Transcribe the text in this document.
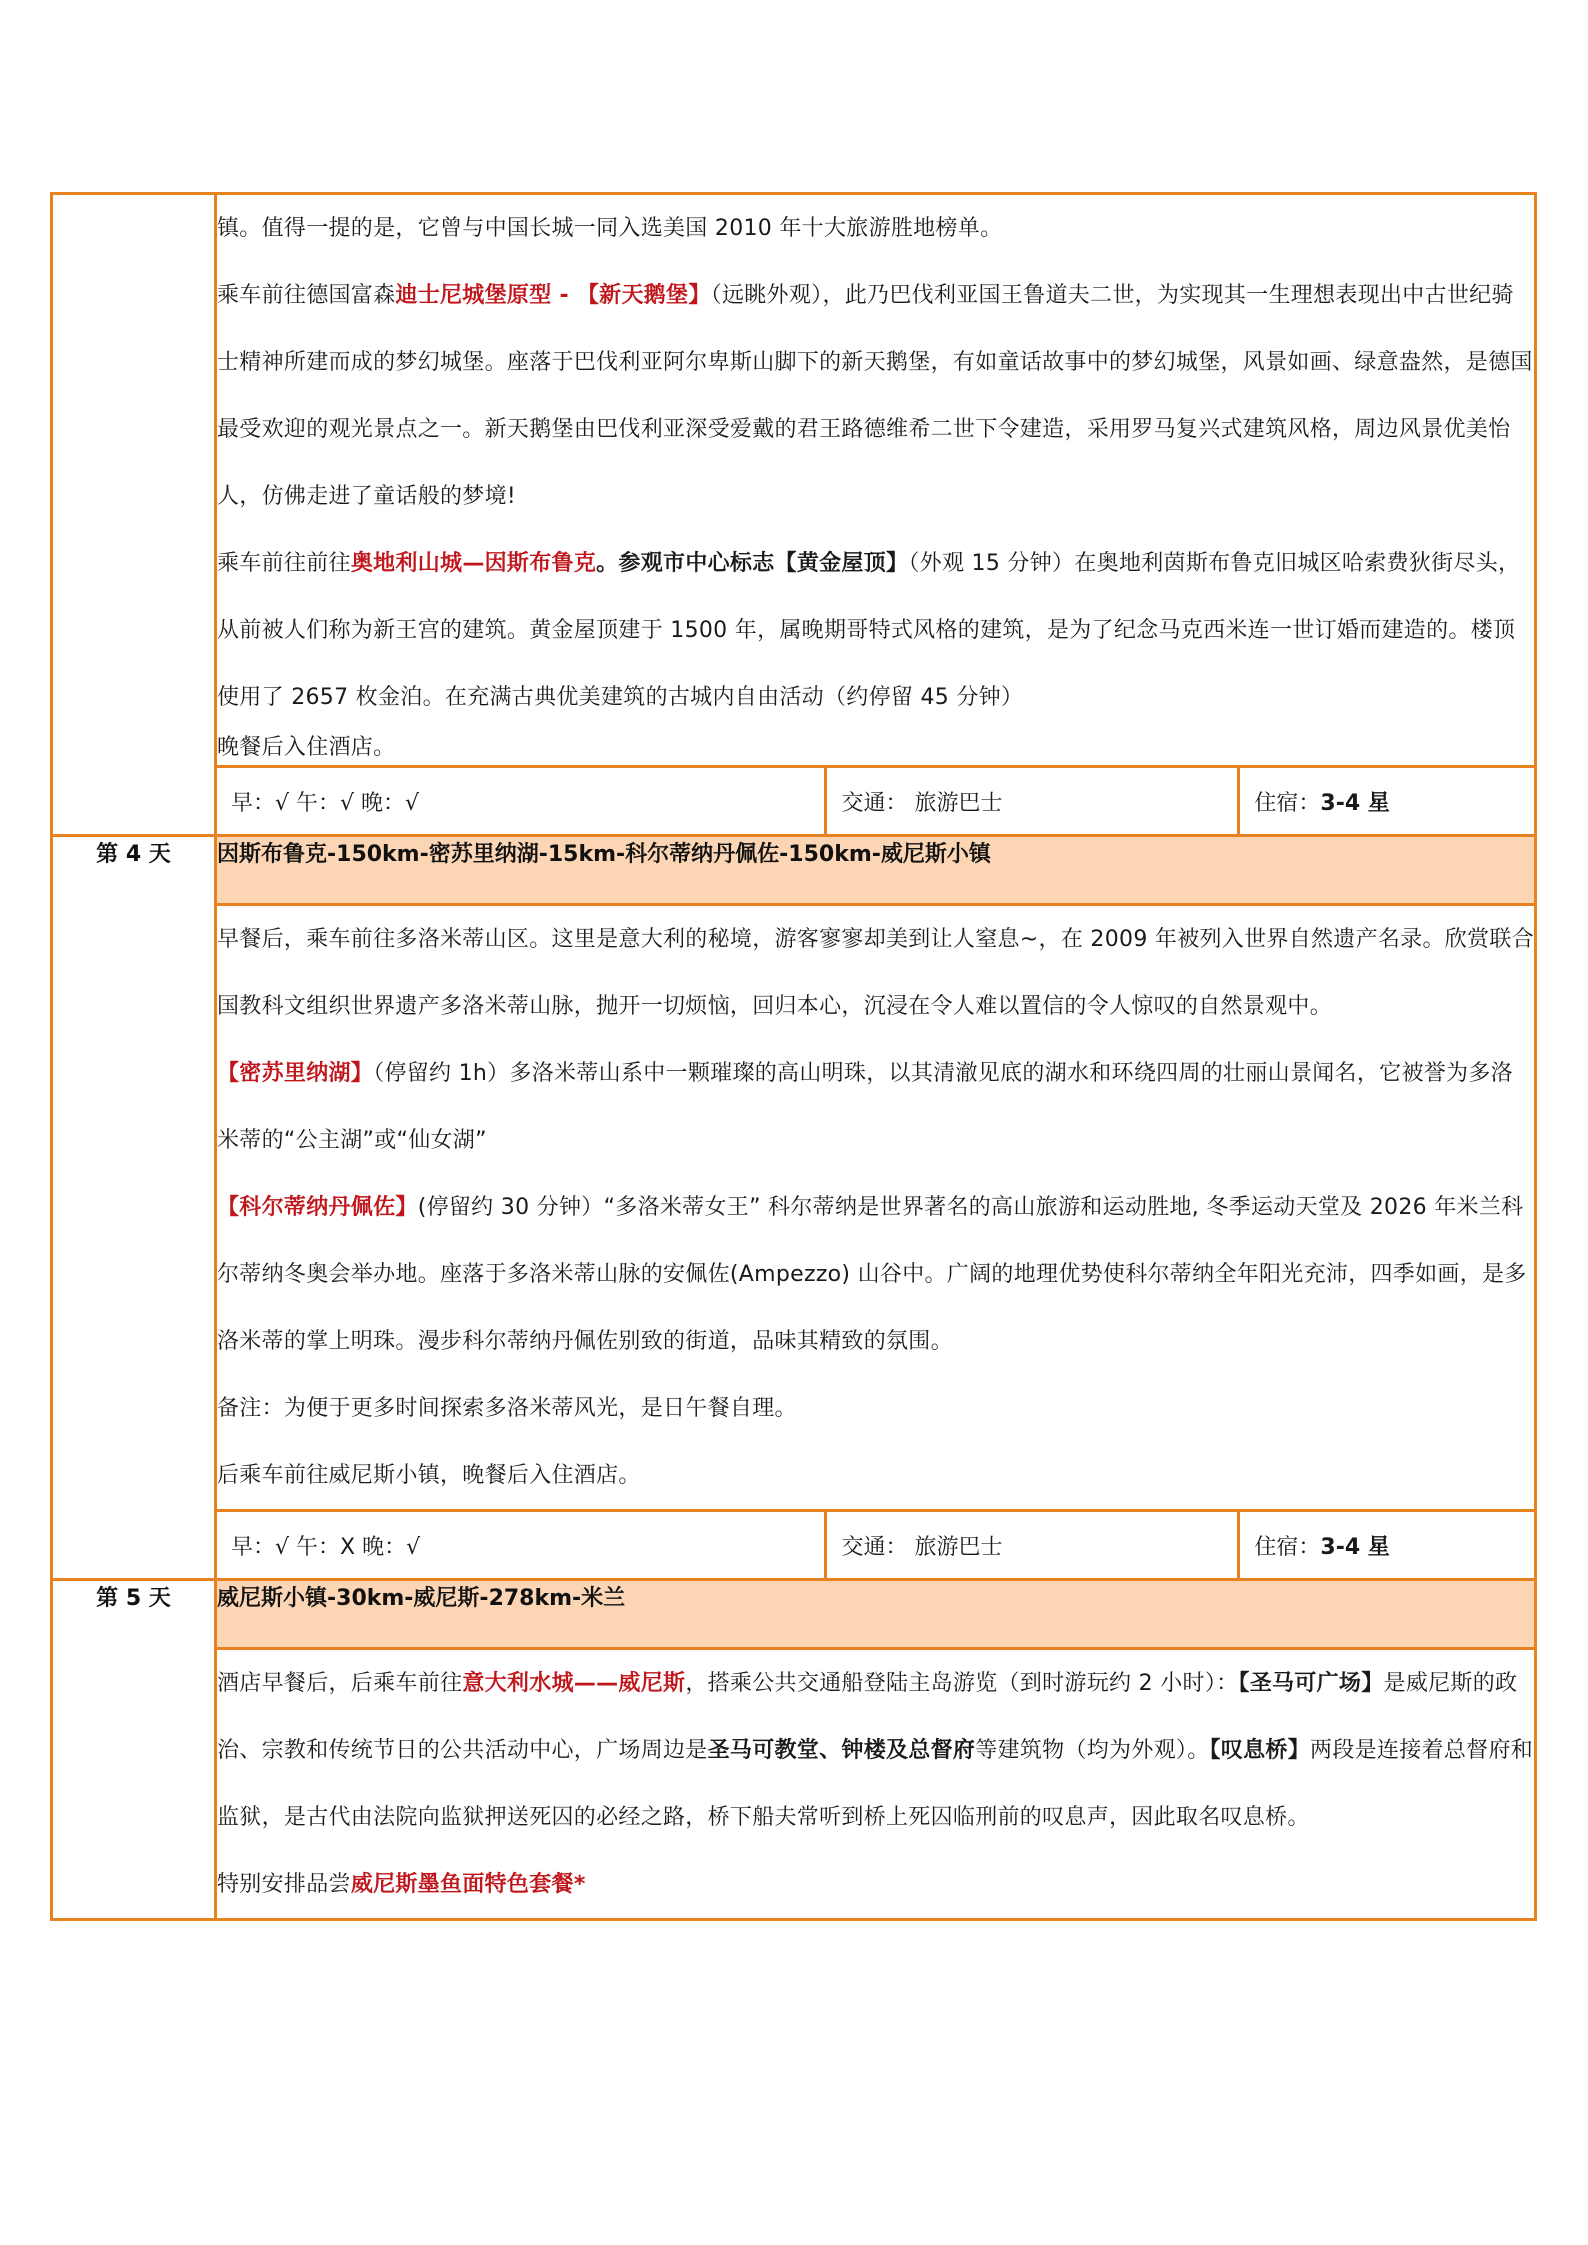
镇。值得一提的是，它曾与中国长城一同入选美国 2010 年十大旅游胜地榜单。

乘车前往德国富森迪士尼城堡原型 - 【新天鹅堡】（远眺外观），此乃巴伐利亚国王鲁道夫二世，为实现其一生理想表现出中古世纪骑士精神所建而成的梦幻城堡。座落于巴伐利亚阿尔卑斯山脚下的新天鹅堡，有如童话故事中的梦幻城堡，风景如画、绿意盎然，是德国最受欢迎的观光景点之一。新天鹅堡由巴伐利亚深受爱戴的君王路德维希二世下令建造，采用罗马复兴式建筑风格，周边风景优美怡人，仿佛走进了童话般的梦境!

乘车前往前往奥地利山城—因斯布鲁克。参观市中心标志【黄金屋顶】（外观 15 分钟）在奥地利茵斯布鲁克旧城区哈索费狄街尽头，从前被人们称为新王宫的建筑。黄金屋顶建于 1500 年，属晚期哥特式风格的建筑，是为了纪念马克西米连一世订婚而建造的。楼顶使用了 2657 枚金泊。在充满古典优美建筑的古城内自由活动（约停留 45 分钟）

晚餐后入住酒店。

早：√ 午：√ 晚：√	交通： 旅游巴士	住宿：3-4 星

第 4 天	因斯布鲁克-150km-密苏里纳湖-15km-科尔蒂纳丹佩佐-150km-威尼斯小镇

早餐后，乘车前往多洛米蒂山区。这里是意大利的秘境，游客寥寥却美到让人窒息~，在 2009 年被列入世界自然遗产名录。欣赏联合国教科文组织世界遗产多洛米蒂山脉，抛开一切烦恼，回归本心，沉浸在令人难以置信的令人惊叹的自然景观中。

【密苏里纳湖】（停留约 1h）多洛米蒂山系中一颗璀璨的高山明珠，以其清澈见底的湖水和环绕四周的壮丽山景闻名，它被誉为多洛米蒂的“公主湖”或“仙女湖”

【科尔蒂纳丹佩佐】(停留约 30 分钟）“多洛米蒂女王” 科尔蒂纳是世界著名的高山旅游和运动胜地, 冬季运动天堂及 2026 年米兰科尔蒂纳冬奥会举办地。座落于多洛米蒂山脉的安佩佐(Ampezzo) 山谷中。广阔的地理优势使科尔蒂纳全年阳光充沛，四季如画，是多洛米蒂的掌上明珠。漫步科尔蒂纳丹佩佐别致的街道，品味其精致的氛围。

备注：为便于更多时间探索多洛米蒂风光，是日午餐自理。

后乘车前往威尼斯小镇，晚餐后入住酒店。

早：√ 午：X 晚：√	交通： 旅游巴士	住宿：3-4 星

第 5 天	威尼斯小镇-30km-威尼斯-278km-米兰

酒店早餐后，后乘车前往意大利水城——威尼斯，搭乘公共交通船登陆主岛游览（到时游玩约 2 小时）：【圣马可广场】是威尼斯的政治、宗教和传统节日的公共活动中心，广场周边是圣马可教堂、钟楼及总督府等建筑物（均为外观）。【叹息桥】两段是连接着总督府和监狱，是古代由法院向监狱押送死囚的必经之路，桥下船夫常听到桥上死囚临刑前的叹息声，因此取名叹息桥。

特别安排品尝威尼斯墨鱼面特色套餐*
